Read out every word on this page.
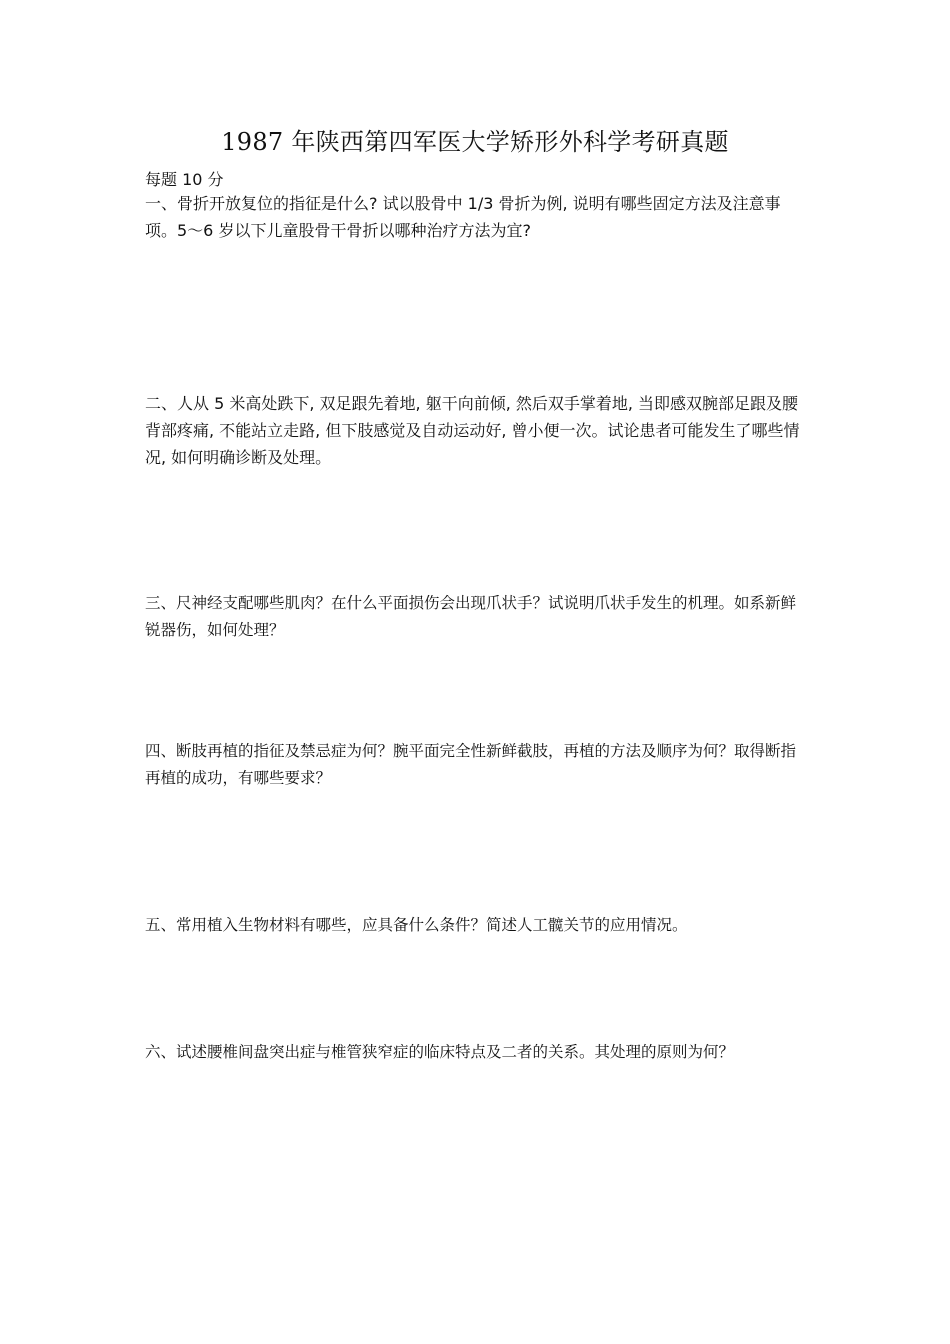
1987 年陕西第四军医大学矫形外科学考研真题

每题 10 分

一、骨折开放复位的指征是什么? 试以股骨中 1/3 骨折为例, 说明有哪些固定方法及注意事项。5～6 岁以下儿童股骨干骨折以哪种治疗方法为宜?

二、人从 5 米高处跌下, 双足跟先着地, 躯干向前倾, 然后双手掌着地, 当即感双腕部足跟及腰背部疼痛, 不能站立走路, 但下肢感觉及自动运动好, 曾小便一次。试论患者可能发生了哪些情况, 如何明确诊断及处理。

三、尺神经支配哪些肌肉？在什么平面损伤会出现爪状手？试说明爪状手发生的机理。如系新鲜锐器伤，如何处理？

四、断肢再植的指征及禁忌症为何？腕平面完全性新鲜截肢，再植的方法及顺序为何？取得断指再植的成功，有哪些要求？

五、常用植入生物材料有哪些，应具备什么条件？简述人工髋关节的应用情况。

六、试述腰椎间盘突出症与椎管狭窄症的临床特点及二者的关系。其处理的原则为何？
